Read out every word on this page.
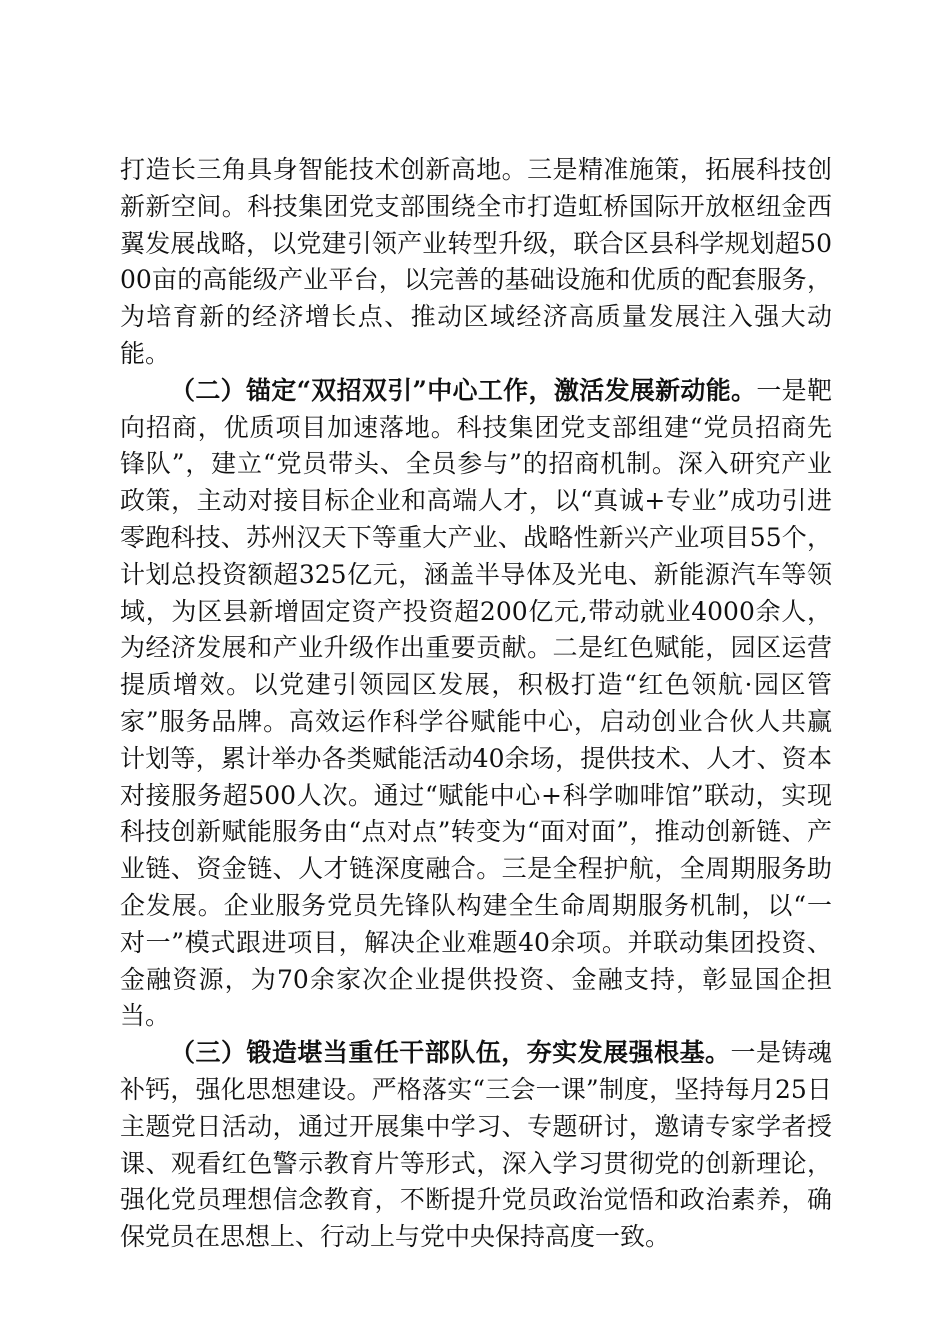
打造长三角具身智能技术创新高地。三是精准施策，拓展科技创新新空间。科技集团党支部围绕全市打造虹桥国际开放枢纽金西翼发展战略，以党建引领产业转型升级，联合区县科学规划超5000亩的高能级产业平台，以完善的基础设施和优质的配套服务，为培育新的经济增长点、推动区域经济高质量发展注入强大动能。

（二）锚定“双招双引”中心工作，激活发展新动能。一是靶向招商，优质项目加速落地。科技集团党支部组建“党员招商先锋队”，建立“党员带头、全员参与”的招商机制。深入研究产业政策，主动对接目标企业和高端人才，以“真诚+专业”成功引进零跑科技、苏州汉天下等重大产业、战略性新兴产业项目55个，计划总投资额超325亿元，涵盖半导体及光电、新能源汽车等领域，为区县新增固定资产投资超200亿元,带动就业4000余人，为经济发展和产业升级作出重要贡献。二是红色赋能，园区运营提质增效。以党建引领园区发展，积极打造“红色领航·园区管家”服务品牌。高效运作科学谷赋能中心，启动创业合伙人共赢计划等，累计举办各类赋能活动40余场，提供技术、人才、资本对接服务超500人次。通过“赋能中心+科学咖啡馆”联动，实现科技创新赋能服务由“点对点”转变为“面对面”，推动创新链、产业链、资金链、人才链深度融合。三是全程护航，全周期服务助企发展。企业服务党员先锋队构建全生命周期服务机制，以“一对一”模式跟进项目，解决企业难题40余项。并联动集团投资、金融资源，为70余家次企业提供投资、金融支持，彰显国企担当。

（三）锻造堪当重任干部队伍，夯实发展强根基。一是铸魂补钙，强化思想建设。严格落实“三会一课”制度，坚持每月25日主题党日活动，通过开展集中学习、专题研讨，邀请专家学者授课、观看红色警示教育片等形式，深入学习贯彻党的创新理论，强化党员理想信念教育，不断提升党员政治觉悟和政治素养，确保党员在思想上、行动上与党中央保持高度一致。
